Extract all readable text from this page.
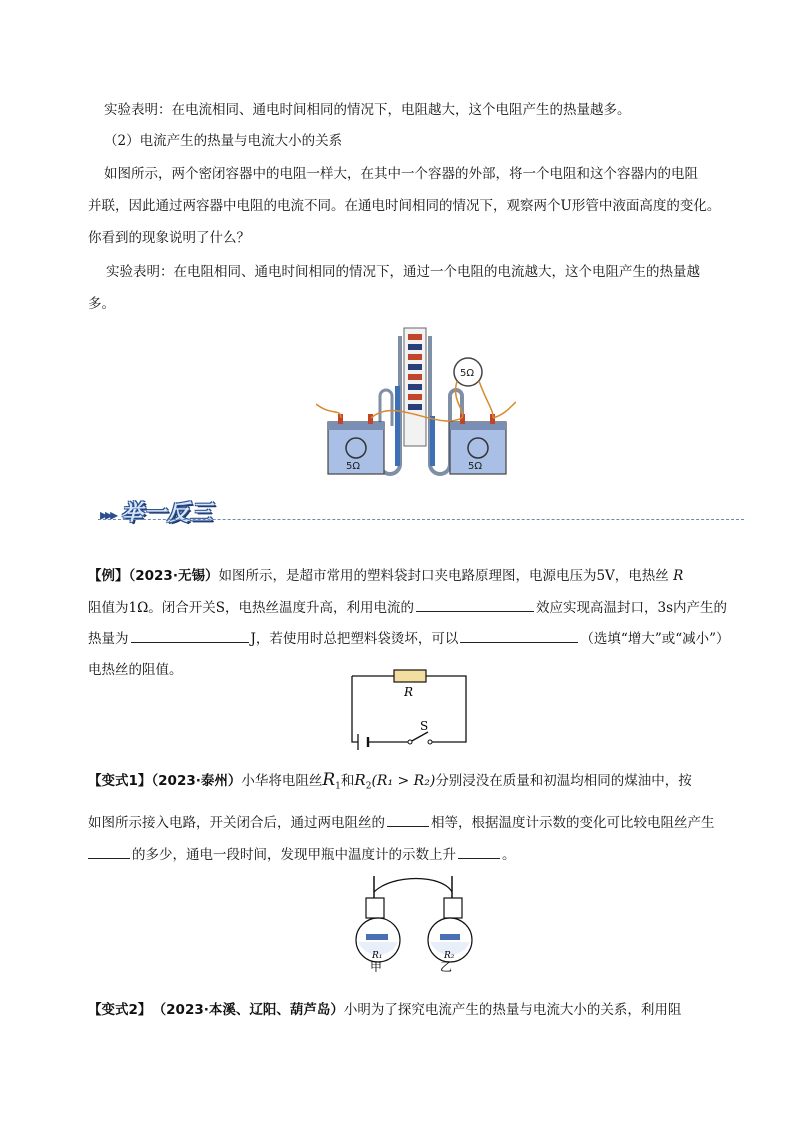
实验表明：在电流相同、通电时间相同的情况下，电阻越大，这个电阻产生的热量越多。
（2）电流产生的热量与电流大小的关系
如图所示，两个密闭容器中的电阻一样大，在其中一个容器的外部，将一个电阻和这个容器内的电阻
并联，因此通过两容器中电阻的电流不同。在通电时间相同的情况下，观察两个U形管中液面高度的变化。
你看到的现象说明了什么？
实验表明：在电阻相同、通电时间相同的情况下，通过一个电阻的电流越大，这个电阻产生的热量越
多。
5Ω	5Ω
5Ω
▸▸▸ 举一反三
【例】（2023·无锡）如图所示，是超市常用的塑料袋封口夹电路原理图，电源电压为5V，电热丝 R
阻值为1Ω。闭合开关S，电热丝温度升高，利用电流的	效应实现高温封口，3s内产生的
热量为	J，若使用时总把塑料袋烫坏，可以	（选填“增大”或“减小”）
电热丝的阻值。
R
S
【变式1】（2023·泰州）小华将电阻丝$R_1$和$R_2(R_1 > R_2)$分别浸没在质量和初温均相同的煤油中，按
如图所示接入电路，开关闭合后，通过两电阻丝的	相等，根据温度计示数的变化可比较电阻丝产生
的多少，通电一段时间，发现甲瓶中温度计的示数上升	。
R₁	R₂
甲	乙
【变式2】 （2023·本溪、辽阳、葫芦岛）小明为了探究电流产生的热量与电流大小的关系，利用阻
